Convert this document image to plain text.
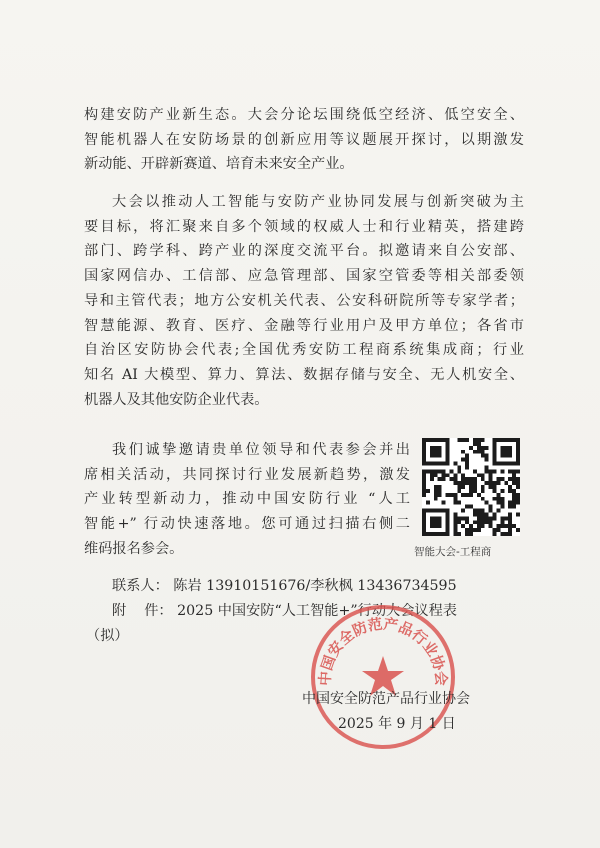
构建安防产业新生态。大会分论坛围绕低空经济、低空安全、
智能机器人在安防场景的创新应用等议题展开探讨，以期激发
新动能、开辟新赛道、培育未来安全产业。
大会以推动人工智能与安防产业协同发展与创新突破为主
要目标，将汇聚来自多个领域的权威人士和行业精英，搭建跨
部门、跨学科、跨产业的深度交流平台。拟邀请来自公安部、
国家网信办、工信部、应急管理部、国家空管委等相关部委领
导和主管代表；地方公安机关代表、公安科研院所等专家学者；
智慧能源、教育、医疗、金融等行业用户及甲方单位；各省市
自治区安防协会代表;全国优秀安防工程商系统集成商；行业
知名 AI 大模型、算力、算法、数据存储与安全、无人机安全、
机器人及其他安防企业代表。
我们诚挚邀请贵单位领导和代表参会并出
席相关活动，共同探讨行业发展新趋势，激发
产业转型新动力，推动中国安防行业 “人工
智能+” 行动快速落地。您可通过扫描右侧二
维码报名参会。	智能大会-工程商
联系人： 陈岩 13910151676/李秋枫 13436734595
附    件： 2025 中国安防“人工智能+”行动大会议程表
（拟）
中国安全防范产品行业协会
中国安全防范产品行业协会
2025 年 9 月 1 日
